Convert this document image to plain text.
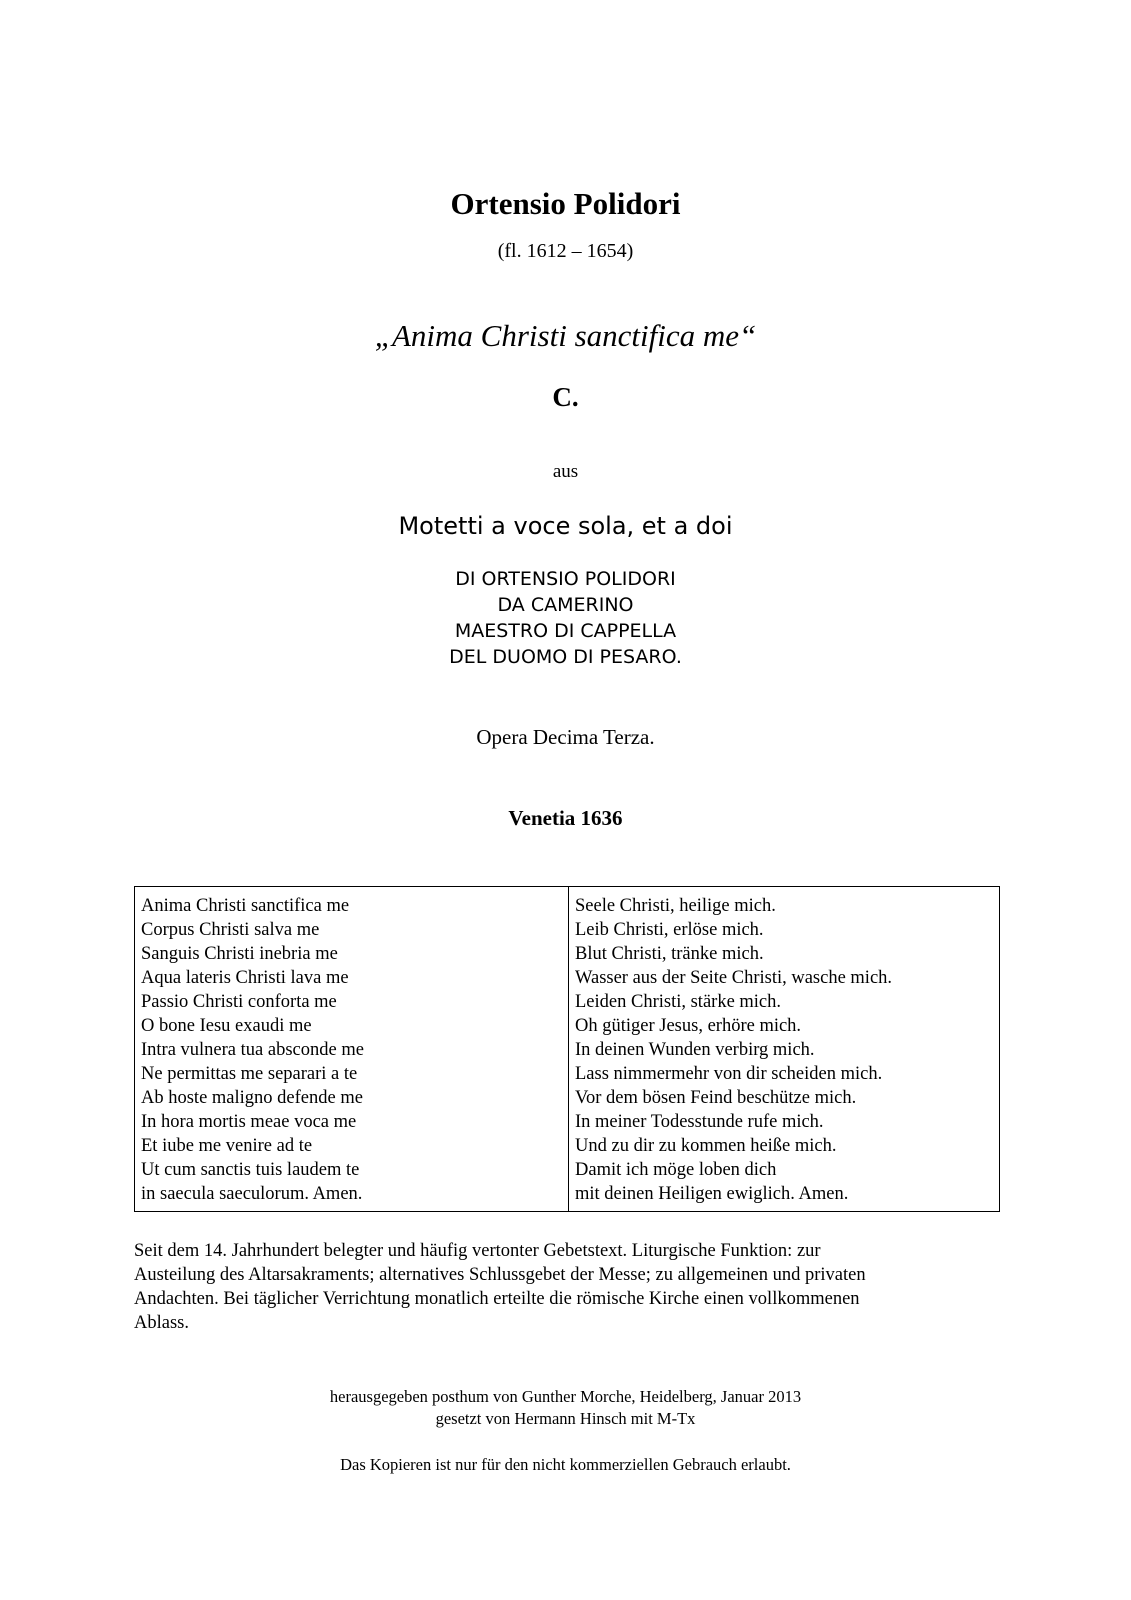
Ortensio Polidori
(fl. 1612 – 1654)
„Anima Christi sanctifica me“
C.
aus
Motetti a voce sola, et a doi
DI ORTENSIO POLIDORI
DA CAMERINO
MAESTRO DI CAPPELLA
DEL DUOMO DI PESARO.
Opera Decima Terza.
Venetia 1636
Anima Christi sanctifica me
Corpus Christi salva me
Sanguis Christi inebria me
Aqua lateris Christi lava me
Passio Christi conforta me
O bone Iesu exaudi me
Intra vulnera tua absconde me
Ne permittas me separari a te
Ab hoste maligno defende me
In hora mortis meae voca me
Et iube me venire ad te
Ut cum sanctis tuis laudem te
in saecula saeculorum. Amen.
Seele Christi, heilige mich.
Leib Christi, erlöse mich.
Blut Christi, tränke mich.
Wasser aus der Seite Christi, wasche mich.
Leiden Christi, stärke mich.
Oh gütiger Jesus, erhöre mich.
In deinen Wunden verbirg mich.
Lass nimmermehr von dir scheiden mich.
Vor dem bösen Feind beschütze mich.
In meiner Todesstunde rufe mich.
Und zu dir zu kommen heiße mich.
Damit ich möge loben dich
mit deinen Heiligen ewiglich. Amen.
Seit dem 14. Jahrhundert belegter und häufig vertonter Gebetstext. Liturgische Funktion: zur
Austeilung des Altarsakraments; alternatives Schlussgebet der Messe; zu allgemeinen und privaten
Andachten. Bei täglicher Verrichtung monatlich erteilte die römische Kirche einen vollkommenen
Ablass.
herausgegeben posthum von Gunther Morche, Heidelberg, Januar 2013
gesetzt von Hermann Hinsch mit M-Tx
Das Kopieren ist nur für den nicht kommerziellen Gebrauch erlaubt.
